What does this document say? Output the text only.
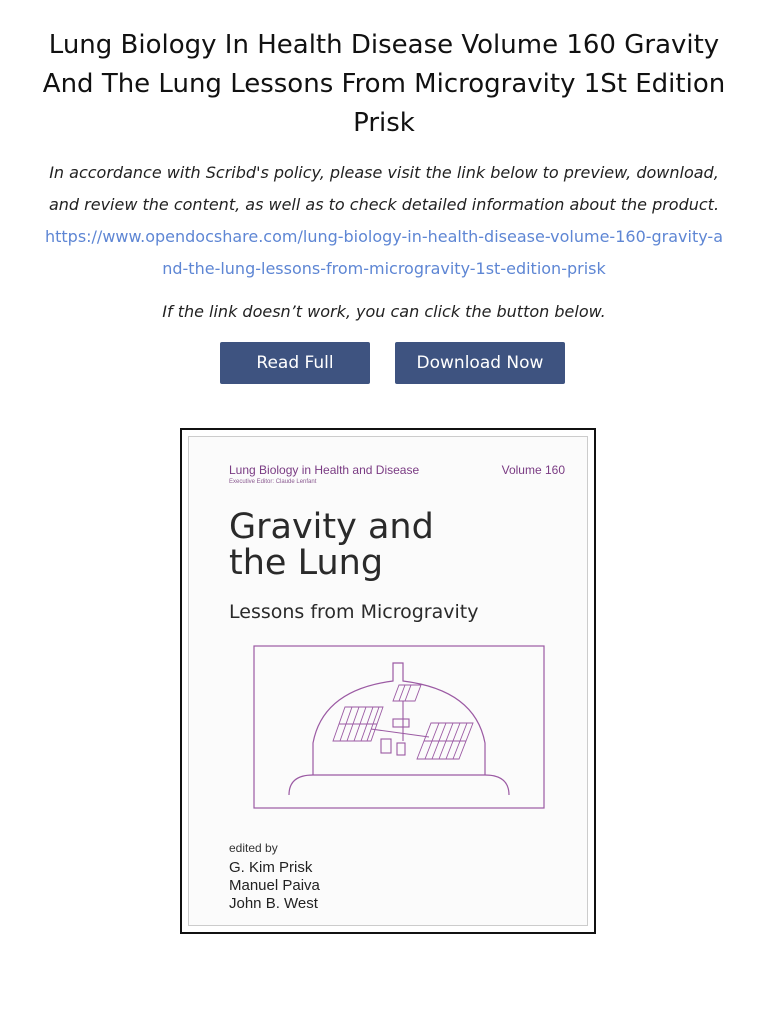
Lung Biology In Health Disease Volume 160 Gravity And The Lung Lessons From Microgravity 1St Edition Prisk

In accordance with Scribd's policy, please visit the link below to preview, download, and review the content, as well as to check detailed information about the product.

https://www.opendocshare.com/lung-biology-in-health-disease-volume-160-gravity-and-the-lung-lessons-from-microgravity-1st-edition-prisk

If the link doesn’t work, you can click the button below.

Read Full	Download Now
Lung Biology in Health and Disease	Volume 160
Executive Editor: Claude Lenfant
Gravity and
the Lung
Lessons from Microgravity
edited by
G. Kim Prisk
Manuel Paiva
John B. West
